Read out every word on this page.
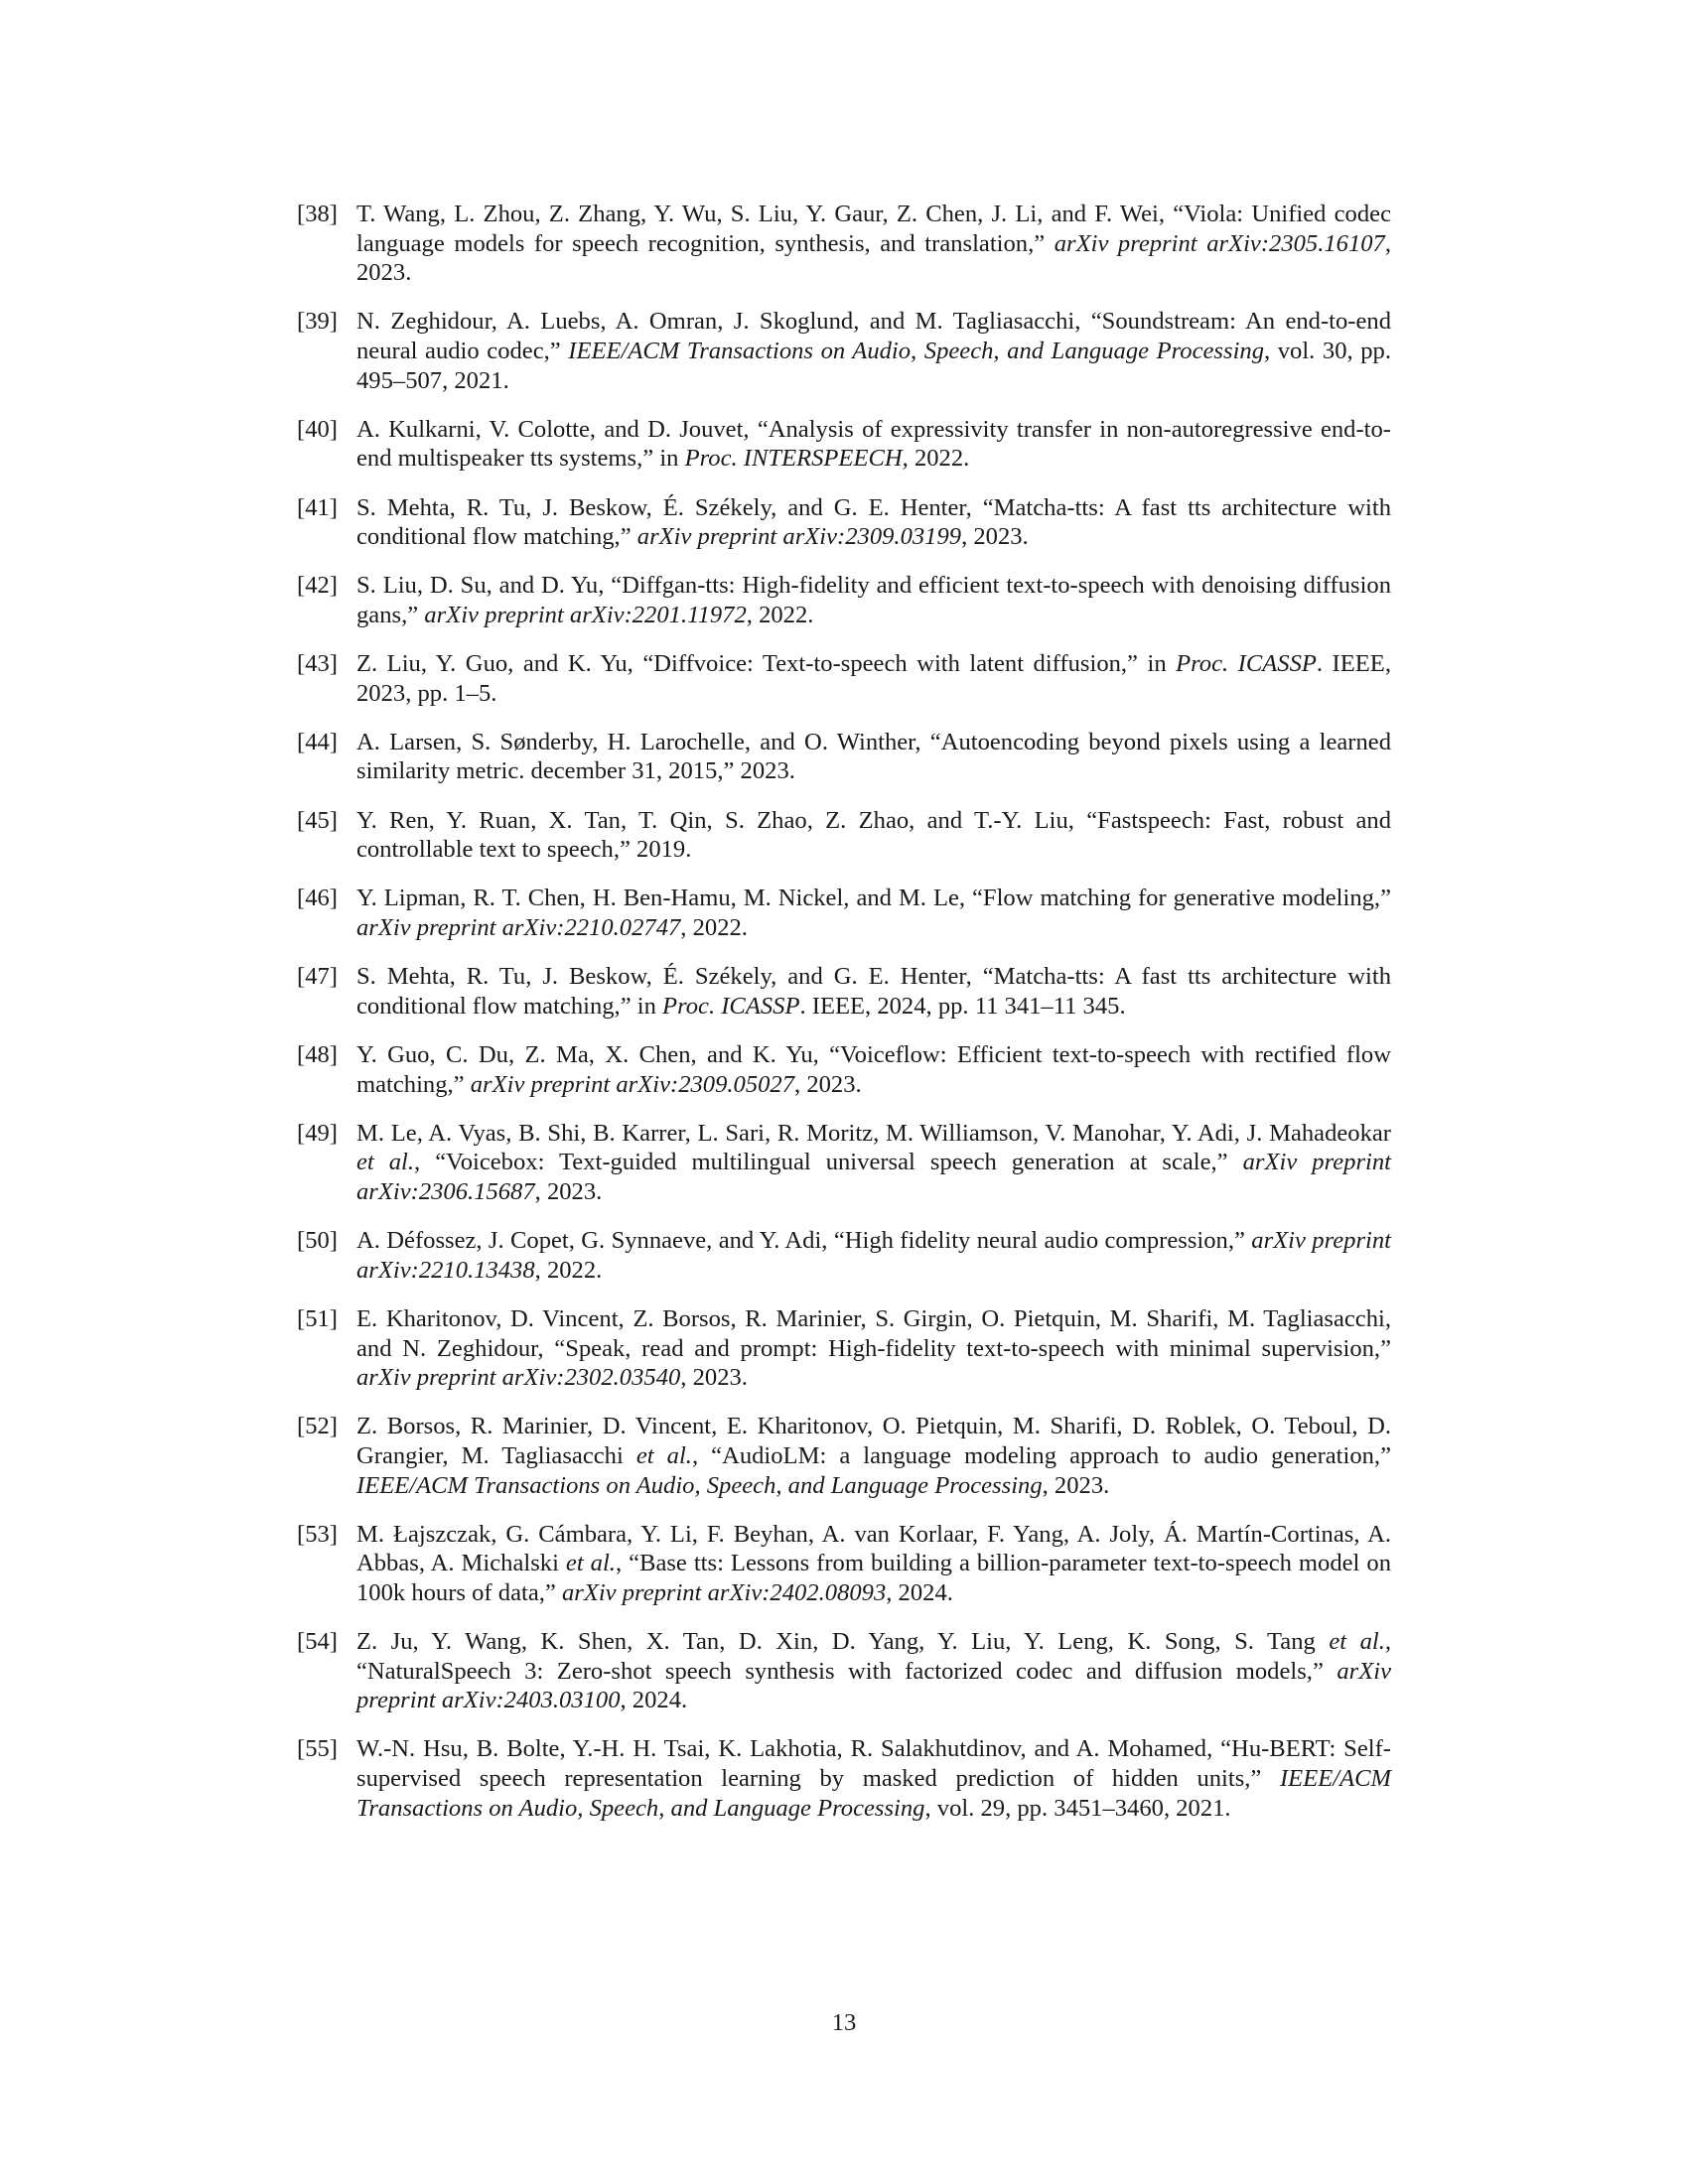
[38] T. Wang, L. Zhou, Z. Zhang, Y. Wu, S. Liu, Y. Gaur, Z. Chen, J. Li, and F. Wei, “Viola: Unified codec language models for speech recognition, synthesis, and translation,” arXiv preprint arXiv:2305.16107, 2023.
[39] N. Zeghidour, A. Luebs, A. Omran, J. Skoglund, and M. Tagliasacchi, “Soundstream: An end-to-end neural audio codec,” IEEE/ACM Transactions on Audio, Speech, and Language Processing, vol. 30, pp. 495–507, 2021.
[40] A. Kulkarni, V. Colotte, and D. Jouvet, “Analysis of expressivity transfer in non-autoregressive end-to-end multispeaker tts systems,” in Proc. INTERSPEECH, 2022.
[41] S. Mehta, R. Tu, J. Beskow, É. Székely, and G. E. Henter, “Matcha-tts: A fast tts architecture with conditional flow matching,” arXiv preprint arXiv:2309.03199, 2023.
[42] S. Liu, D. Su, and D. Yu, “Diffgan-tts: High-fidelity and efficient text-to-speech with denoising diffusion gans,” arXiv preprint arXiv:2201.11972, 2022.
[43] Z. Liu, Y. Guo, and K. Yu, “Diffvoice: Text-to-speech with latent diffusion,” in Proc. ICASSP. IEEE, 2023, pp. 1–5.
[44] A. Larsen, S. Sønderby, H. Larochelle, and O. Winther, “Autoencoding beyond pixels using a learned similarity metric. december 31, 2015,” 2023.
[45] Y. Ren, Y. Ruan, X. Tan, T. Qin, S. Zhao, Z. Zhao, and T.-Y. Liu, “Fastspeech: Fast, robust and controllable text to speech,” 2019.
[46] Y. Lipman, R. T. Chen, H. Ben-Hamu, M. Nickel, and M. Le, “Flow matching for generative modeling,” arXiv preprint arXiv:2210.02747, 2022.
[47] S. Mehta, R. Tu, J. Beskow, É. Székely, and G. E. Henter, “Matcha-tts: A fast tts architecture with conditional flow matching,” in Proc. ICASSP. IEEE, 2024, pp. 11 341–11 345.
[48] Y. Guo, C. Du, Z. Ma, X. Chen, and K. Yu, “Voiceflow: Efficient text-to-speech with rectified flow matching,” arXiv preprint arXiv:2309.05027, 2023.
[49] M. Le, A. Vyas, B. Shi, B. Karrer, L. Sari, R. Moritz, M. Williamson, V. Manohar, Y. Adi, J. Mahadeokar et al., “Voicebox: Text-guided multilingual universal speech generation at scale,” arXiv preprint arXiv:2306.15687, 2023.
[50] A. Défossez, J. Copet, G. Synnaeve, and Y. Adi, “High fidelity neural audio compression,” arXiv preprint arXiv:2210.13438, 2022.
[51] E. Kharitonov, D. Vincent, Z. Borsos, R. Marinier, S. Girgin, O. Pietquin, M. Sharifi, M. Tagliasacchi, and N. Zeghidour, “Speak, read and prompt: High-fidelity text-to-speech with minimal supervision,” arXiv preprint arXiv:2302.03540, 2023.
[52] Z. Borsos, R. Marinier, D. Vincent, E. Kharitonov, O. Pietquin, M. Sharifi, D. Roblek, O. Teboul, D. Grangier, M. Tagliasacchi et al., “AudioLM: a language modeling approach to audio generation,” IEEE/ACM Transactions on Audio, Speech, and Language Processing, 2023.
[53] M. Łajszczak, G. Cámbara, Y. Li, F. Beyhan, A. van Korlaar, F. Yang, A. Joly, Á. Martín-Cortinas, A. Abbas, A. Michalski et al., “Base tts: Lessons from building a billion-parameter text-to-speech model on 100k hours of data,” arXiv preprint arXiv:2402.08093, 2024.
[54] Z. Ju, Y. Wang, K. Shen, X. Tan, D. Xin, D. Yang, Y. Liu, Y. Leng, K. Song, S. Tang et al., “NaturalSpeech 3: Zero-shot speech synthesis with factorized codec and diffusion models,” arXiv preprint arXiv:2403.03100, 2024.
[55] W.-N. Hsu, B. Bolte, Y.-H. H. Tsai, K. Lakhotia, R. Salakhutdinov, and A. Mohamed, “Hu-BERT: Self-supervised speech representation learning by masked prediction of hidden units,” IEEE/ACM Transactions on Audio, Speech, and Language Processing, vol. 29, pp. 3451–3460, 2021.
13
